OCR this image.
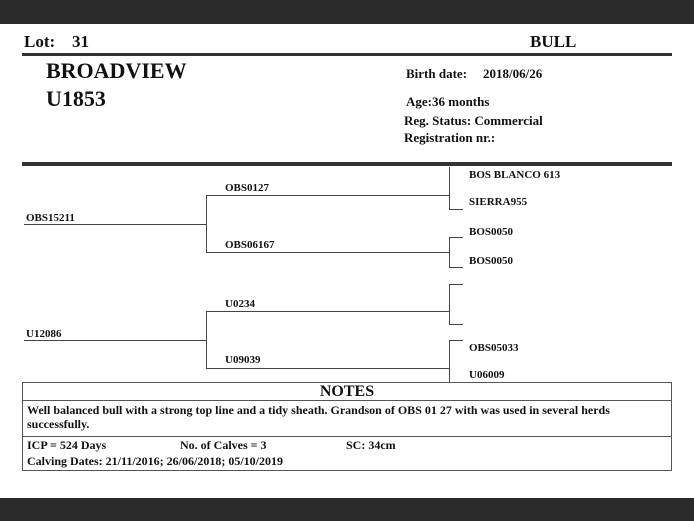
Lot: 31	BULL
BROADVIEW
U1853
Birth date: 2018/06/26
Age:36 months
Reg. Status: Commercial
Registration nr.:
OBS15211
U12086
OBS0127
OBS06167
U0234
U09039
BOS BLANCO 613
SIERRA955
BOS0050
BOS0050
OBS05033
U06009
NOTES
Well balanced bull with a strong top line and a tidy sheath. Grandson of OBS 01 27 with was used in several herds successfully.
ICP = 524 Days	No. of Calves = 3	SC: 34cm
Calving Dates: 21/11/2016; 26/06/2018; 05/10/2019
